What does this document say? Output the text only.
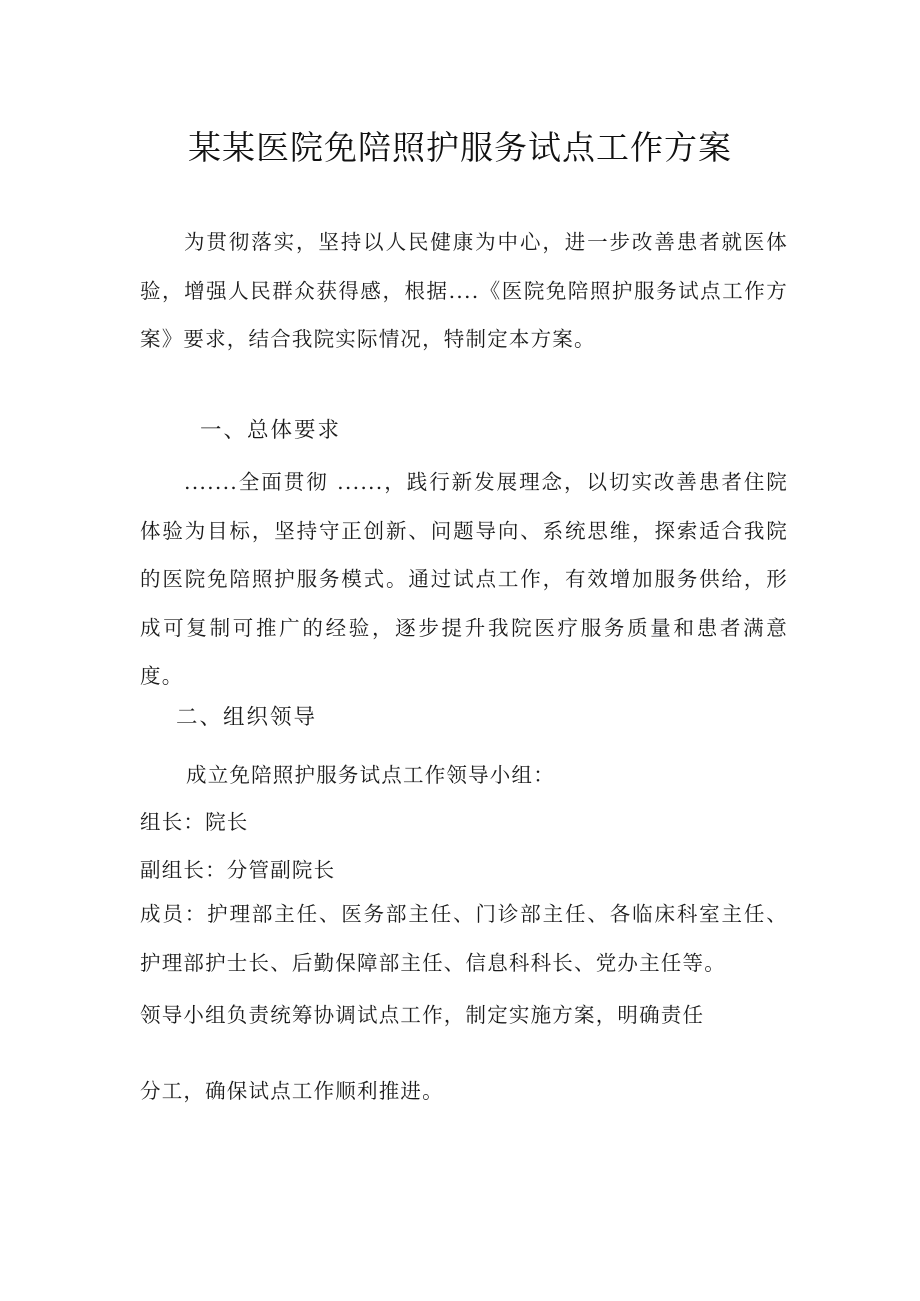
某某医院免陪照护服务试点工作方案

为贯彻落实，坚持以人民健康为中心，进一步改善患者就医体验，增强人民群众获得感，根据....《医院免陪照护服务试点工作方案》要求，结合我院实际情况，特制定本方案。

一、总体要求

.......全面贯彻 ......，践行新发展理念，以切实改善患者住院体验为目标，坚持守正创新、问题导向、系统思维，探索适合我院的医院免陪照护服务模式。通过试点工作，有效增加服务供给，形成可复制可推广的经验，逐步提升我院医疗服务质量和患者满意度。

二、组织领导

成立免陪照护服务试点工作领导小组：

组长：院长

副组长：分管副院长

成员：护理部主任、医务部主任、门诊部主任、各临床科室主任、护理部护士长、后勤保障部主任、信息科科长、党办主任等。

领导小组负责统筹协调试点工作，制定实施方案，明确责任

分工，确保试点工作顺利推进。
